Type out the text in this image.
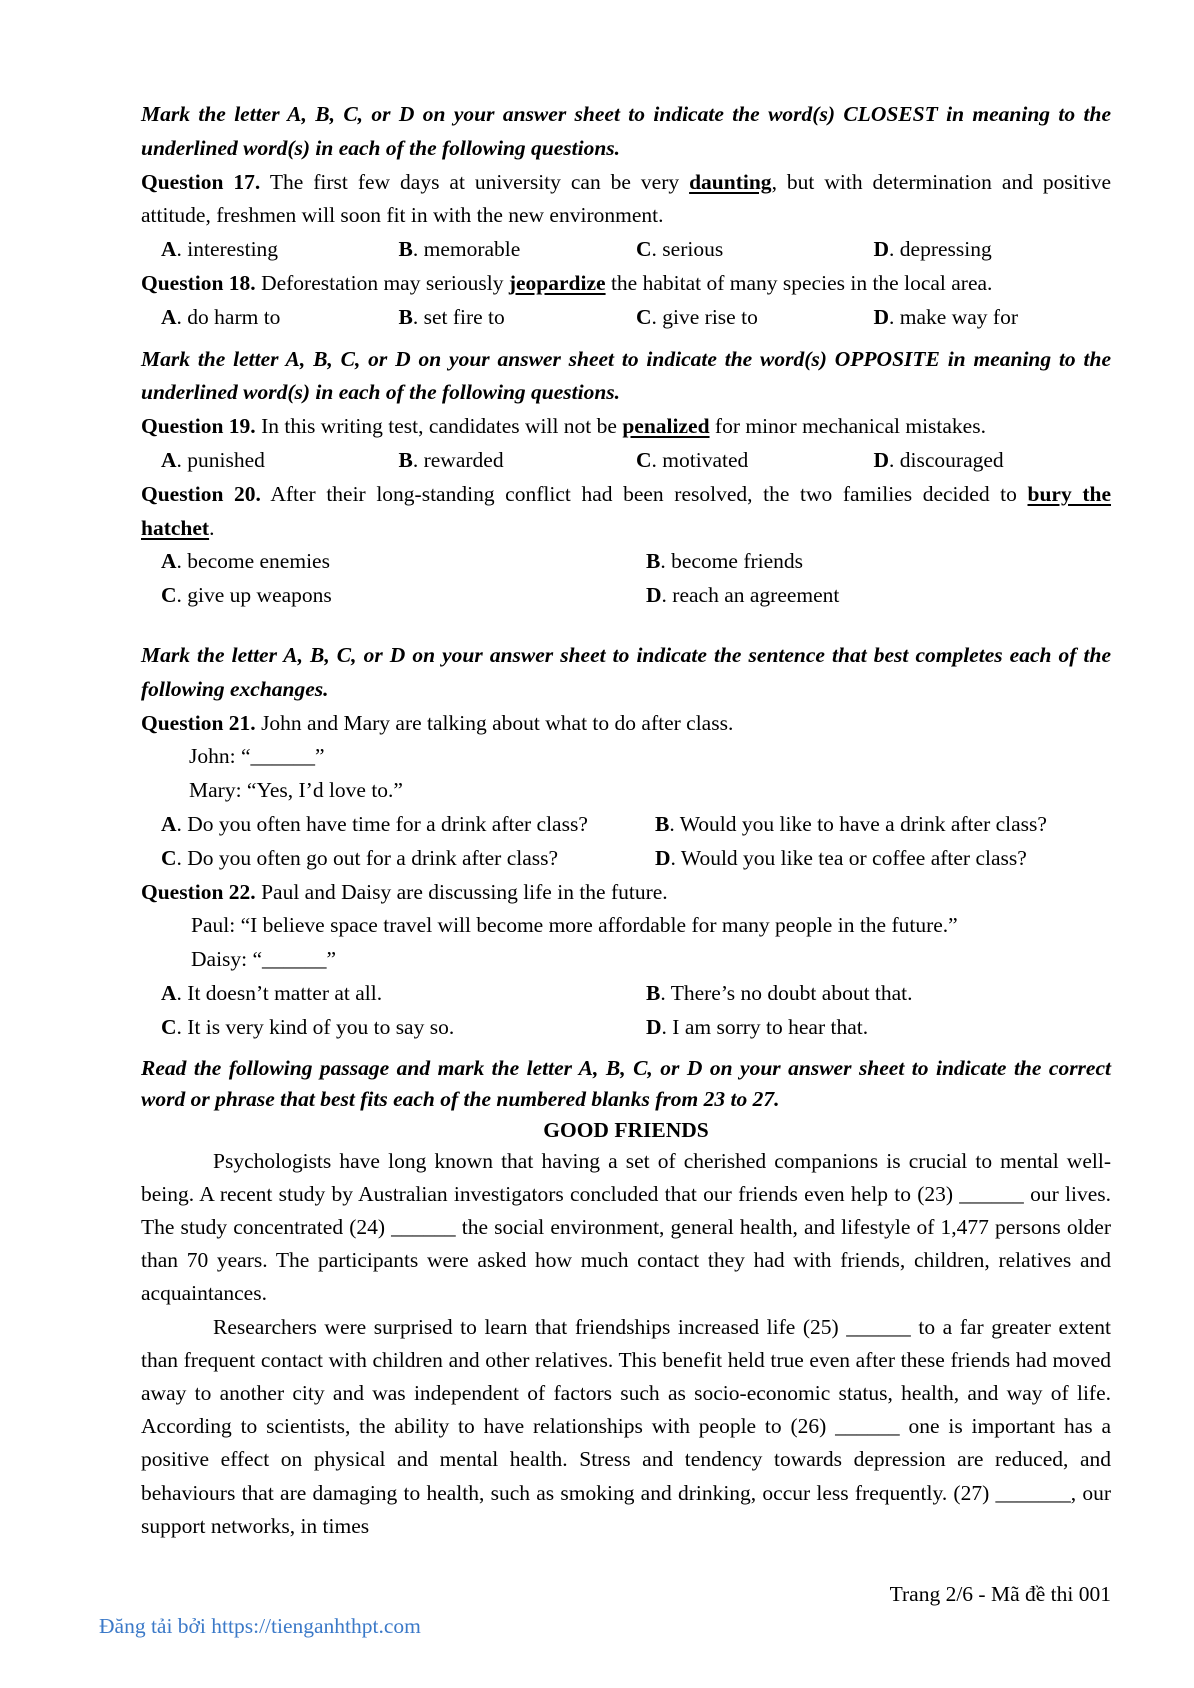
Mark the letter A, B, C, or D on your answer sheet to indicate the word(s) CLOSEST in meaning to the underlined word(s) in each of the following questions.
Question 17. The first few days at university can be very daunting, but with determination and positive attitude, freshmen will soon fit in with the new environment.
A. interesting	B. memorable	C. serious	D. depressing
Question 18. Deforestation may seriously jeopardize the habitat of many species in the local area.
A. do harm to	B. set fire to	C. give rise to	D. make way for
Mark the letter A, B, C, or D on your answer sheet to indicate the word(s) OPPOSITE in meaning to the underlined word(s) in each of the following questions.
Question 19. In this writing test, candidates will not be penalized for minor mechanical mistakes.
A. punished	B. rewarded	C. motivated	D. discouraged
Question 20. After their long-standing conflict had been resolved, the two families decided to bury the hatchet.
A. become enemies	B. become friends
C. give up weapons	D. reach an agreement
Mark the letter A, B, C, or D on your answer sheet to indicate the sentence that best completes each of the following exchanges.
Question 21. John and Mary are talking about what to do after class.
John: “______”
Mary: “Yes, I’d love to.”
A. Do you often have time for a drink after class?	B. Would you like to have a drink after class?
C. Do you often go out for a drink after class?	D. Would you like tea or coffee after class?
Question 22. Paul and Daisy are discussing life in the future.
Paul: “I believe space travel will become more affordable for many people in the future.”
Daisy: “______”
A. It doesn’t matter at all.	B. There’s no doubt about that.
C. It is very kind of you to say so.	D. I am sorry to hear that.
Read the following passage and mark the letter A, B, C, or D on your answer sheet to indicate the correct word or phrase that best fits each of the numbered blanks from 23 to 27.
GOOD FRIENDS
Psychologists have long known that having a set of cherished companions is crucial to mental well-being. A recent study by Australian investigators concluded that our friends even help to (23) ______ our lives. The study concentrated (24) ______ the social environment, general health, and lifestyle of 1,477 persons older than 70 years. The participants were asked how much contact they had with friends, children, relatives and acquaintances.
Researchers were surprised to learn that friendships increased life (25) ______ to a far greater extent than frequent contact with children and other relatives. This benefit held true even after these friends had moved away to another city and was independent of factors such as socio-economic status, health, and way of life. According to scientists, the ability to have relationships with people to (26) ______ one is important has a positive effect on physical and mental health. Stress and tendency towards depression are reduced, and behaviours that are damaging to health, such as smoking and drinking, occur less frequently. (27) _______, our support networks, in times
Trang 2/6 - Mã đề thi 001
Đăng tải bởi https://tienganhthpt.com
